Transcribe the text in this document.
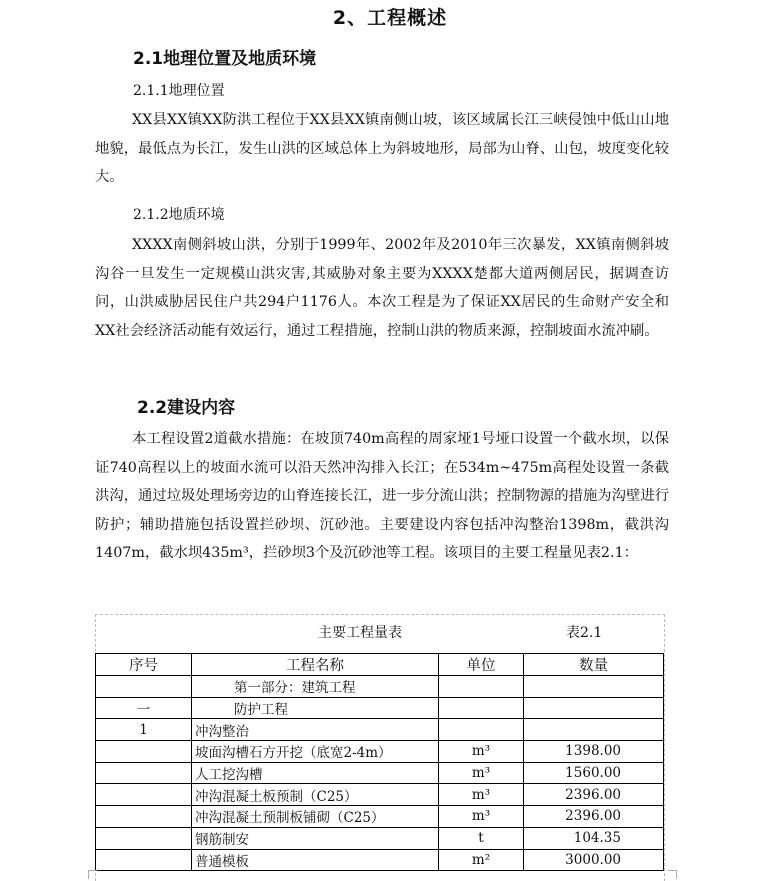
2、工程概述
2.1地理位置及地质环境
2.1.1地理位置
XX县XX镇XX防洪工程位于XX县XX镇南侧山坡，该区域属长江三峡侵蚀中低山山地地貌，最低点为长江，发生山洪的区域总体上为斜坡地形，局部为山脊、山包，坡度变化较大。
2.1.2地质环境
XXXX南侧斜坡山洪，分别于1999年、2002年及2010年三次暴发，XX镇南侧斜坡沟谷一旦发生一定规模山洪灾害,其威胁对象主要为XXXX楚都大道两侧居民，据调查访问，山洪威胁居民住户共294户1176人。本次工程是为了保证XX居民的生命财产安全和XX社会经济活动能有效运行，通过工程措施，控制山洪的物质来源，控制坡面水流冲刷。
2.2建设内容
本工程设置2道截水措施：在坡顶740m高程的周家垭1号垭口设置一个截水坝，以保证740高程以上的坡面水流可以沿天然冲沟排入长江；在534m~475m高程处设置一条截洪沟，通过垃圾处理场旁边的山脊连接长江，进一步分流山洪；控制物源的措施为沟壁进行防护；辅助措施包括设置拦砂坝、沉砂池。主要建设内容包括冲沟整治1398m，截洪沟1407m，截水坝435m³，拦砂坝3个及沉砂池等工程。该项目的主要工程量见表2.1：
主要工程量表	表2.1
序号	工程名称	单位	数量
	第一部分：建筑工程		
一	防护工程		
1	冲沟整治		
	坡面沟槽石方开挖（底宽2-4m）	m³	1398.00
	人工挖沟槽	m³	1560.00
	冲沟混凝土板预制（C25）	m³	2396.00
	冲沟混凝土预制板铺砌（C25）	m³	2396.00
	钢筋制安	t	104.35
	普通模板	m²	3000.00
